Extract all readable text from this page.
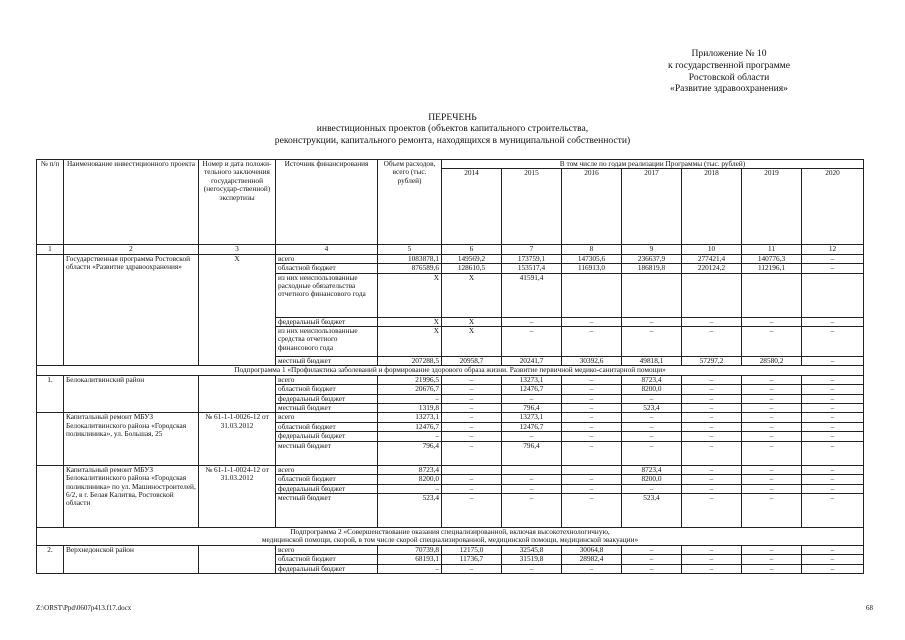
Приложение № 10
к государственной программе
Ростовской области
«Развитие здравоохранения»
ПЕРЕЧЕНЬ
инвестиционных проектов (объектов капитального строительства,
реконструкции, капитального ремонта, находящихся в муниципальной собственности)
№ п/п	Наименование инвестиционного проекта	Номер и дата положи-тельного заключения государственной (негосудар-ственной) экспертизы	Источник финансирования	Объем расходов, всего (тыс. рублей)	В том числе по годам реализации Программы (тыс. рублей)						
					2014	2015	2016	2017	2018	2019	2020
1	2	3	4	5	6	7	8	9	10	11	12
	Государственная программа Ростовской области «Развитие здравоохранения»	Х	всего	1083878,1	149569,2	173759,1	147305,6	236637,9	277421,4	140776,3	–
			областной бюджет	876589,6	128610,5	153517,4	116913,0	186819,8	220124,2	112196,1	–
			из них неиспользованные расходные обязательства отчетного финансового года	Х	Х	41591,4					
			федеральный бюджет	Х	Х	–	–	–	–	–	–
			из них неиспользованные средства отчетного финансового года	Х	Х	–	–	–	–	–	–
			местный бюджет	207288,5	20958,7	20241,7	30392,6	49818,1	57297,2	28580,2	–

Подпрограмма 1 «Профилактика заболеваний и формирование здорового образа жизни. Развитие первичной медико-санитарной помощи»											

1.	Белокалитвинский район		всего	21996,5	–	13273,1	–	8723,4	–	–	–
			областной бюджет	20676,7	–	12476,7	–	8200,0	–	–	–
			федеральный бюджет	–	–	–	–	–	–	–	–
			местный бюджет	1319,8	–	796,4	–	523,4	–	–	–
	Капитальный ремонт МБУЗ Белокалитвинского района «Городская поликлиника», ул. Большая, 25	№ 61-1-1-0026-12 от 31.03.2012	всего	13273,1	–	13273,1	–	–	–	–	–
			областной бюджет	12476,7	–	12476,7	–	–	–	–	–
			федеральный бюджет	–	–	–	–	–	–	–	–
			местный бюджет	796,4	–	796,4	–	–	–	–	–
	Капитальный ремонт МБУЗ Белокалитвинского района «Городская поликлиника» по ул. Машиностроителей, 6/2, в г. Белая Калитва, Ростовской области	№ 61-1-1-0024-12 от 31.03.2012	всего	8723,4				8723,4	–	–	–
			областной бюджет	8200,0	–	–	–	8200,0	–	–	–
			федеральный бюджет	–	–	–	–	–	–	–	–
			местный бюджет	523,4	–	–	–	523,4	–	–	–

Подпрограмма 2 «Совершенствование оказания специализированной, включая высокотехнологичную,
медицинской помощи, скорой, в том числе скорой специализированной, медицинской помощи, медицинской эвакуации»											

2.	Верхнедонской район		всего	70739,8	12175,0	32545,8	30064,8	–	–	–	–
			областной бюджет	68193,1	11736,7	31519,8	28982,4	–	–	–	–
			федеральный бюджет	–	–	–	–	–	–	–	–
Z:\ORST\Ppd\0607p413.f17.docx	68
